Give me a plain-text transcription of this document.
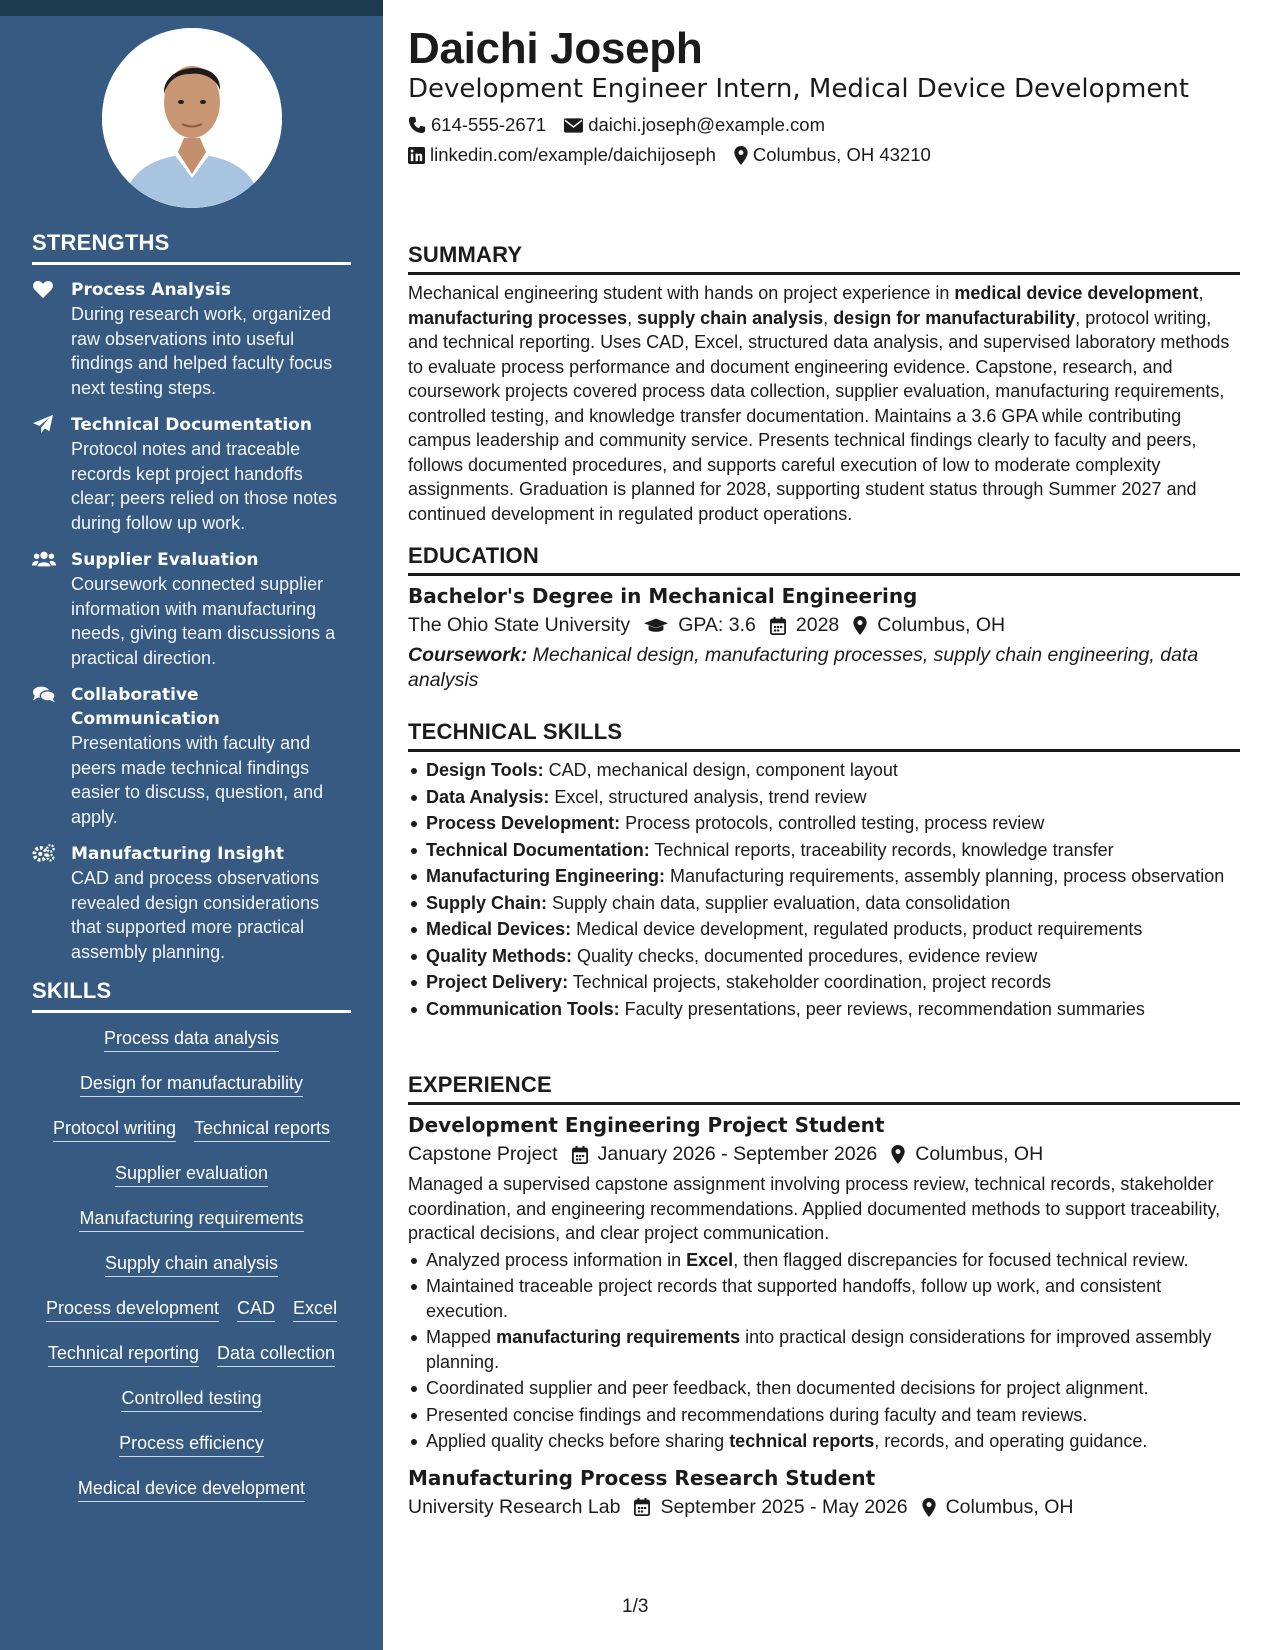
STRENGTHS
Process Analysis
During research work, organized raw observations into useful findings and helped faculty focus next testing steps.
Technical Documentation
Protocol notes and traceable records kept project handoffs clear; peers relied on those notes during follow up work.
Supplier Evaluation
Coursework connected supplier information with manufacturing needs, giving team discussions a practical direction.
Collaborative Communication
Presentations with faculty and peers made technical findings easier to discuss, question, and apply.
Manufacturing Insight
CAD and process observations revealed design considerations that supported more practical assembly planning.
SKILLS
Process data analysis
Design for manufacturability
Protocol writing Technical reports
Supplier evaluation
Manufacturing requirements
Supply chain analysis
Process development CAD Excel
Technical reporting Data collection
Controlled testing
Process efficiency
Medical device development
Daichi Joseph
Development Engineer Intern, Medical Device Development
614-555-2671 daichi.joseph@example.com
linkedin.com/example/daichijoseph Columbus, OH 43210
SUMMARY

Mechanical engineering student with hands on project experience in medical device development, manufacturing processes, supply chain analysis, design for manufacturability, protocol writing, and technical reporting. Uses CAD, Excel, structured data analysis, and supervised laboratory methods to evaluate process performance and document engineering evidence. Capstone, research, and coursework projects covered process data collection, supplier evaluation, manufacturing requirements, controlled testing, and knowledge transfer documentation. Maintains a 3.6 GPA while contributing campus leadership and community service. Presents technical findings clearly to faculty and peers, follows documented procedures, and supports careful execution of low to moderate complexity assignments. Graduation is planned for 2028, supporting student status through Summer 2027 and continued development in regulated product operations.

EDUCATION
Bachelor's Degree in Mechanical Engineering
The Ohio State University GPA: 3.6 2028 Columbus, OH

Coursework: Mechanical design, manufacturing processes, supply chain engineering, data analysis

TECHNICAL SKILLS
Design Tools: CAD, mechanical design, component layout
Data Analysis: Excel, structured analysis, trend review
Process Development: Process protocols, controlled testing, process review
Technical Documentation: Technical reports, traceability records, knowledge transfer
Manufacturing Engineering: Manufacturing requirements, assembly planning, process observation
Supply Chain: Supply chain data, supplier evaluation, data consolidation
Medical Devices: Medical device development, regulated products, product requirements
Quality Methods: Quality checks, documented procedures, evidence review
Project Delivery: Technical projects, stakeholder coordination, project records
Communication Tools: Faculty presentations, peer reviews, recommendation summaries
EXPERIENCE
Development Engineering Project Student
Capstone Project January 2026 - September 2026 Columbus, OH

Managed a supervised capstone assignment involving process review, technical records, stakeholder coordination, and engineering recommendations. Applied documented methods to support traceability, practical decisions, and clear project communication.

Analyzed process information in Excel, then flagged discrepancies for focused technical review.
Maintained traceable project records that supported handoffs, follow up work, and consistent execution.
Mapped manufacturing requirements into practical design considerations for improved assembly planning.
Coordinated supplier and peer feedback, then documented decisions for project alignment.
Presented concise findings and recommendations during faculty and team reviews.
Applied quality checks before sharing technical reports, records, and operating guidance.
Manufacturing Process Research Student
University Research Lab September 2025 - May 2026 Columbus, OH
1/3
